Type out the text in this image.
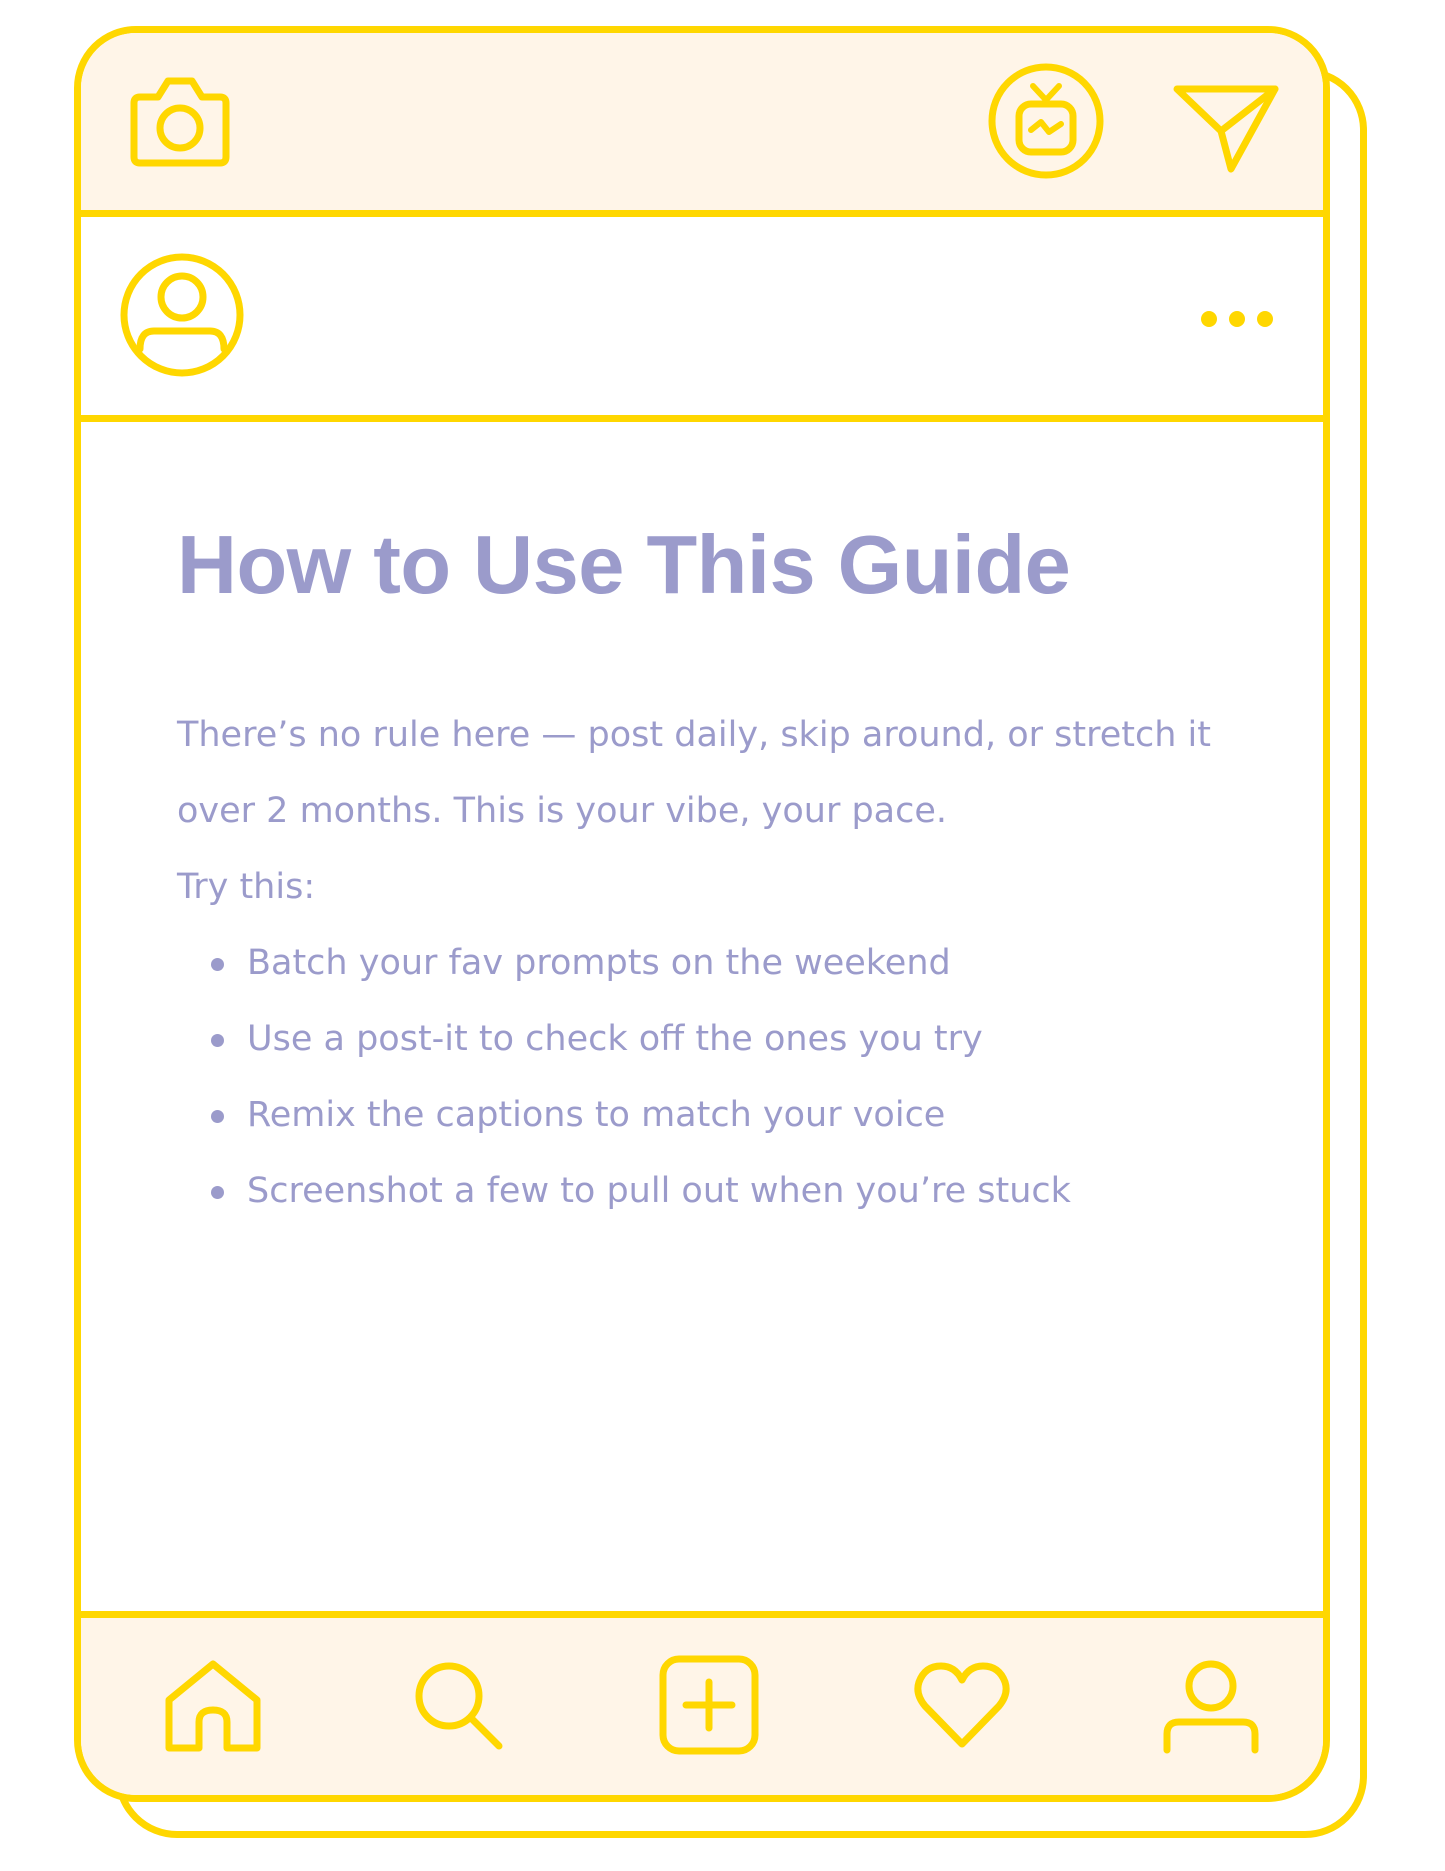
How to Use This Guide

There’s no rule here — post daily, skip around, or stretch it

over 2 months. This is your vibe, your pace.

Try this:

Batch your fav prompts on the weekend
Use a post-it to check off the ones you try
Remix the captions to match your voice
Screenshot a few to pull out when you’re stuck
